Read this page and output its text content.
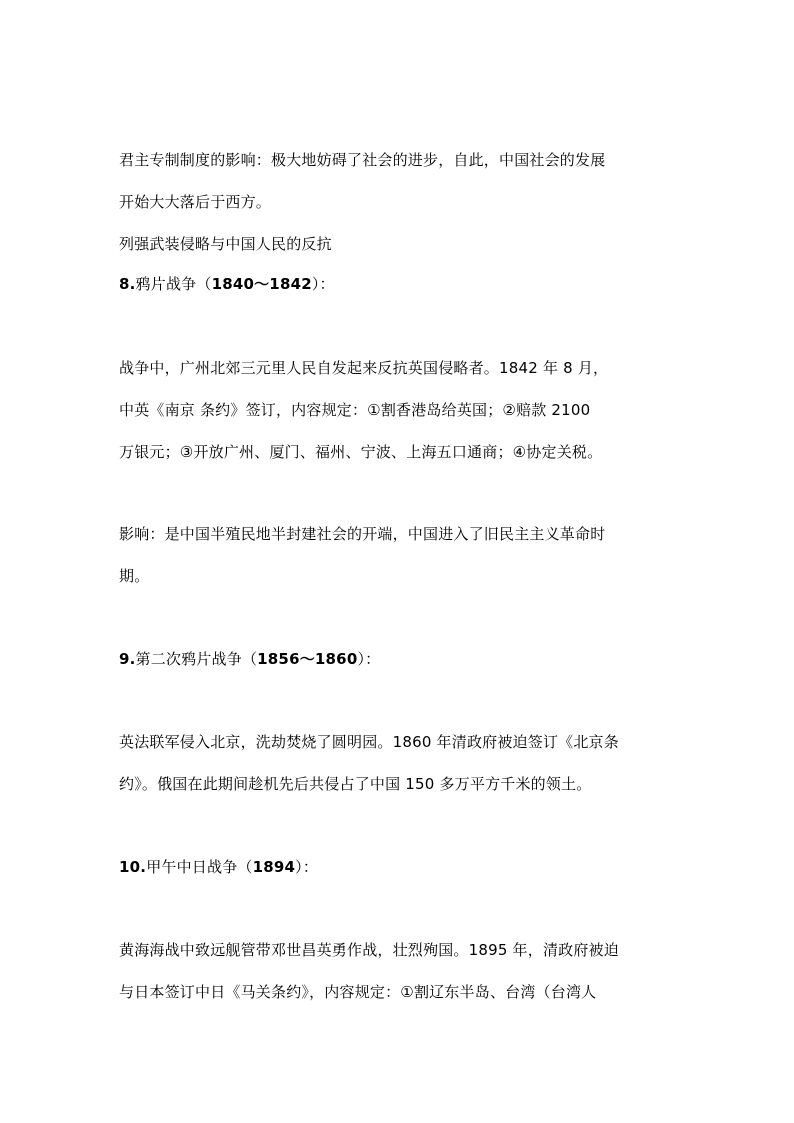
君主专制制度的影响：极大地妨碍了社会的进步，自此，中国社会的发展
开始大大落后于西方。
列强武装侵略与中国人民的反抗
8.鸦片战争（1840～1842）：
战争中，广州北郊三元里人民自发起来反抗英国侵略者。1842 年 8 月，
中英《南京 条约》签订，内容规定：①割香港岛给英国；②赔款 2100
万银元；③开放广州、厦门、福州、宁波、上海五口通商；④协定关税。
影响：是中国半殖民地半封建社会的开端，中国进入了旧民主主义革命时
期。
9.第二次鸦片战争（1856～1860）：
英法联军侵入北京，洗劫焚烧了圆明园。1860 年清政府被迫签订《北京条
约》。俄国在此期间趁机先后共侵占了中国 150 多万平方千米的领土。
10.甲午中日战争（1894）：
黄海海战中致远舰管带邓世昌英勇作战，壮烈殉国。1895 年，清政府被迫
与日本签订中日《马关条约》，内容规定：①割辽东半岛、台湾（台湾人
